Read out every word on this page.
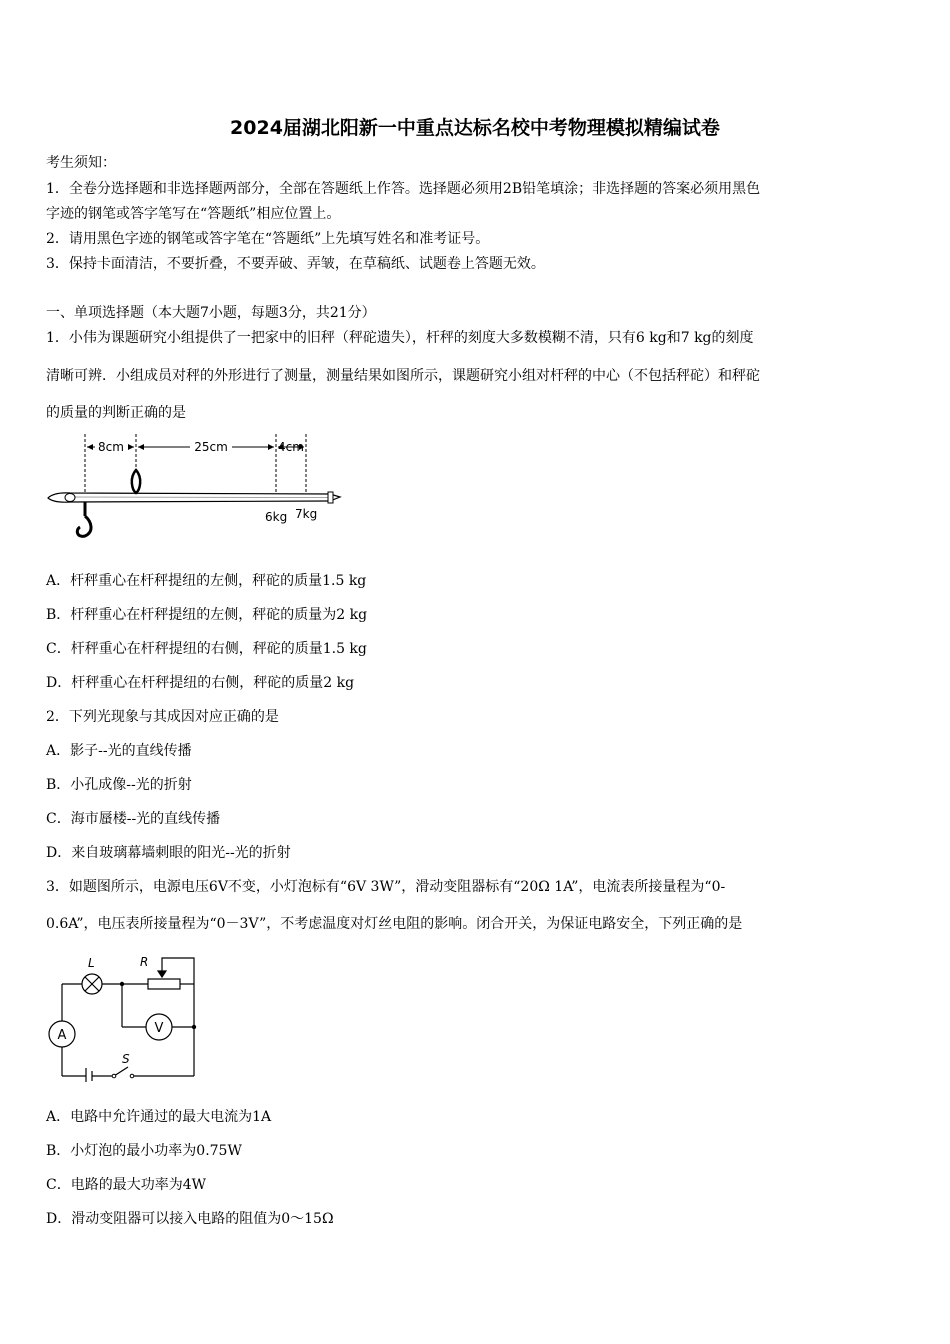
2024届湖北阳新一中重点达标名校中考物理模拟精编试卷
考生须知：
1．全卷分选择题和非选择题两部分，全部在答题纸上作答。选择题必须用2B铅笔填涂；非选择题的答案必须用黑色
字迹的钢笔或答字笔写在“答题纸”相应位置上。
2．请用黑色字迹的钢笔或答字笔在“答题纸”上先填写姓名和准考证号。
3．保持卡面清洁，不要折叠，不要弄破、弄皱，在草稿纸、试题卷上答题无效。
一、单项选择题（本大题7小题，每题3分，共21分）
1．小伟为课题研究小组提供了一把家中的旧秤（秤砣遗失），杆秤的刻度大多数模糊不清，只有6 kg和7 kg的刻度
清晰可辨．小组成员对秤的外形进行了测量，测量结果如图所示，课题研究小组对杆秤的中心（不包括秤砣）和秤砣
的质量的判断正确的是
8cm	25cm	4cm
6kg 7kg
A．杆秤重心在杆秤提纽的左侧，秤砣的质量1.5 kg
B．杆秤重心在杆秤提纽的左侧，秤砣的质量为2 kg
C．杆秤重心在杆秤提纽的右侧，秤砣的质量1.5 kg
D．杆秤重心在杆秤提纽的右侧，秤砣的质量2 kg
2．下列光现象与其成因对应正确的是
A．影子--光的直线传播
B．小孔成像--光的折射
C．海市蜃楼--光的直线传播
D．来自玻璃幕墙刺眼的阳光--光的折射
3．如题图所示，电源电压6V不变，小灯泡标有“6V 3W”，滑动变阻器标有“20Ω 1A”，电流表所接量程为“0-
0.6A”，电压表所接量程为“0－3V”，不考虑温度对灯丝电阻的影响。闭合开关，为保证电路安全，下列正确的是
L	R
A	V
S
A．电路中允许通过的最大电流为1A
B．小灯泡的最小功率为0.75W
C．电路的最大功率为4W
D．滑动变阻器可以接入电路的阻值为0～15Ω
